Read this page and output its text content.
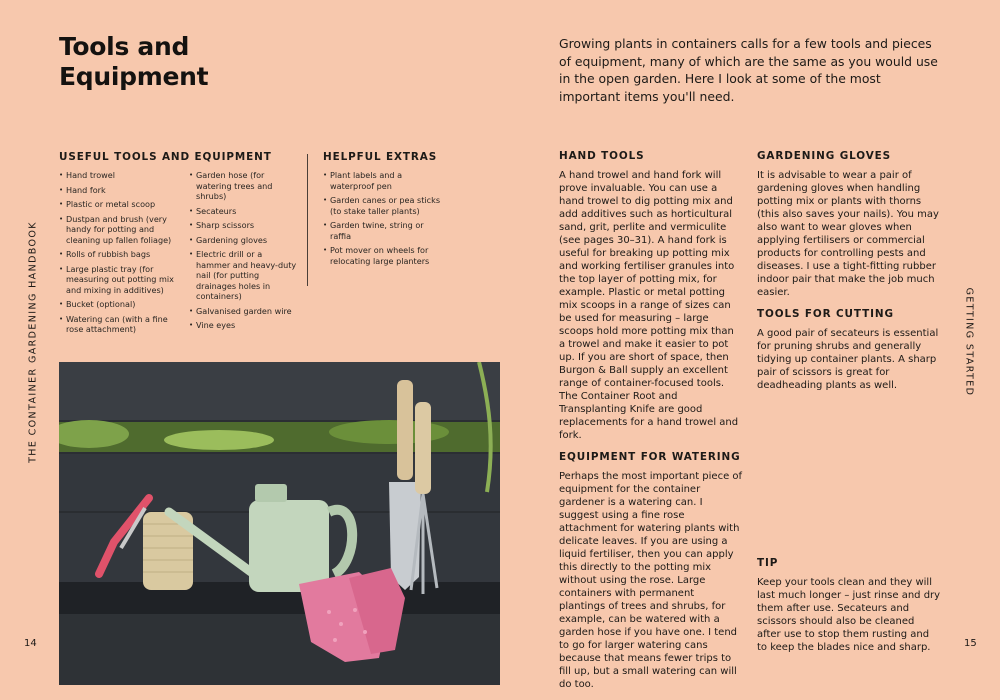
Tools and
Equipment
USEFUL TOOLS AND EQUIPMENT
• Hand trowel
• Hand fork
• Plastic or metal scoop
• Dustpan and brush (very handy for potting and cleaning up fallen foliage)
• Rolls of rubbish bags
• Large plastic tray (for measuring out potting mix and mixing in additives)
• Bucket (optional)
• Watering can (with a fine rose attachment)
• Garden hose (for watering trees and shrubs)
• Secateurs
• Sharp scissors
• Gardening gloves
• Electric drill or a hammer and heavy-duty nail (for putting drainages holes in containers)
• Galvanised garden wire
• Vine eyes
HELPFUL EXTRAS
• Plant labels and a waterproof pen
• Garden canes or pea sticks (to stake taller plants)
• Garden twine, string or raffia
• Pot mover on wheels for relocating large planters
THE CONTAINER GARDENING HANDBOOK
14

Growing plants in containers calls for a few tools and pieces of equipment, many of which are the same as you would use in the open garden. Here I look at some of the most important items you'll need.

HAND TOOLS

A hand trowel and hand fork will prove invaluable. You can use a hand trowel to dig potting mix and add additives such as horticultural sand, grit, perlite and vermiculite (see pages 30–31). A hand fork is useful for breaking up potting mix and working fertiliser granules into the top layer of potting mix, for example. Plastic or metal potting mix scoops in a range of sizes can be used for measuring – large scoops hold more potting mix than a trowel and make it easier to pot up. If you are short of space, then Burgon & Ball supply an excellent range of container-focused tools. The Container Root and Transplanting Knife are good replacements for a hand trowel and fork.

EQUIPMENT FOR WATERING

Perhaps the most important piece of equipment for the container gardener is a watering can. I suggest using a fine rose attachment for watering plants with delicate leaves. If you are using a liquid fertiliser, then you can apply this directly to the potting mix without using the rose. Large containers with permanent plantings of trees and shrubs, for example, can be watered with a garden hose if you have one. I tend to go for larger watering cans because that means fewer trips to fill up, but a small watering can will do too.

GARDENING GLOVES

It is advisable to wear a pair of gardening gloves when handling potting mix or plants with thorns (this also saves your nails). You may also want to wear gloves when applying fertilisers or commercial products for controlling pests and diseases. I use a tight-fitting rubber indoor pair that make the job much easier.

TOOLS FOR CUTTING

A good pair of secateurs is essential for pruning shrubs and generally tidying up container plants. A sharp pair of scissors is great for deadheading plants as well.

TIP

Keep your tools clean and they will last much longer – just rinse and dry them after use. Secateurs and scissors should also be cleaned after use to stop them rusting and to keep the blades nice and sharp.

GETTING STARTED
15
